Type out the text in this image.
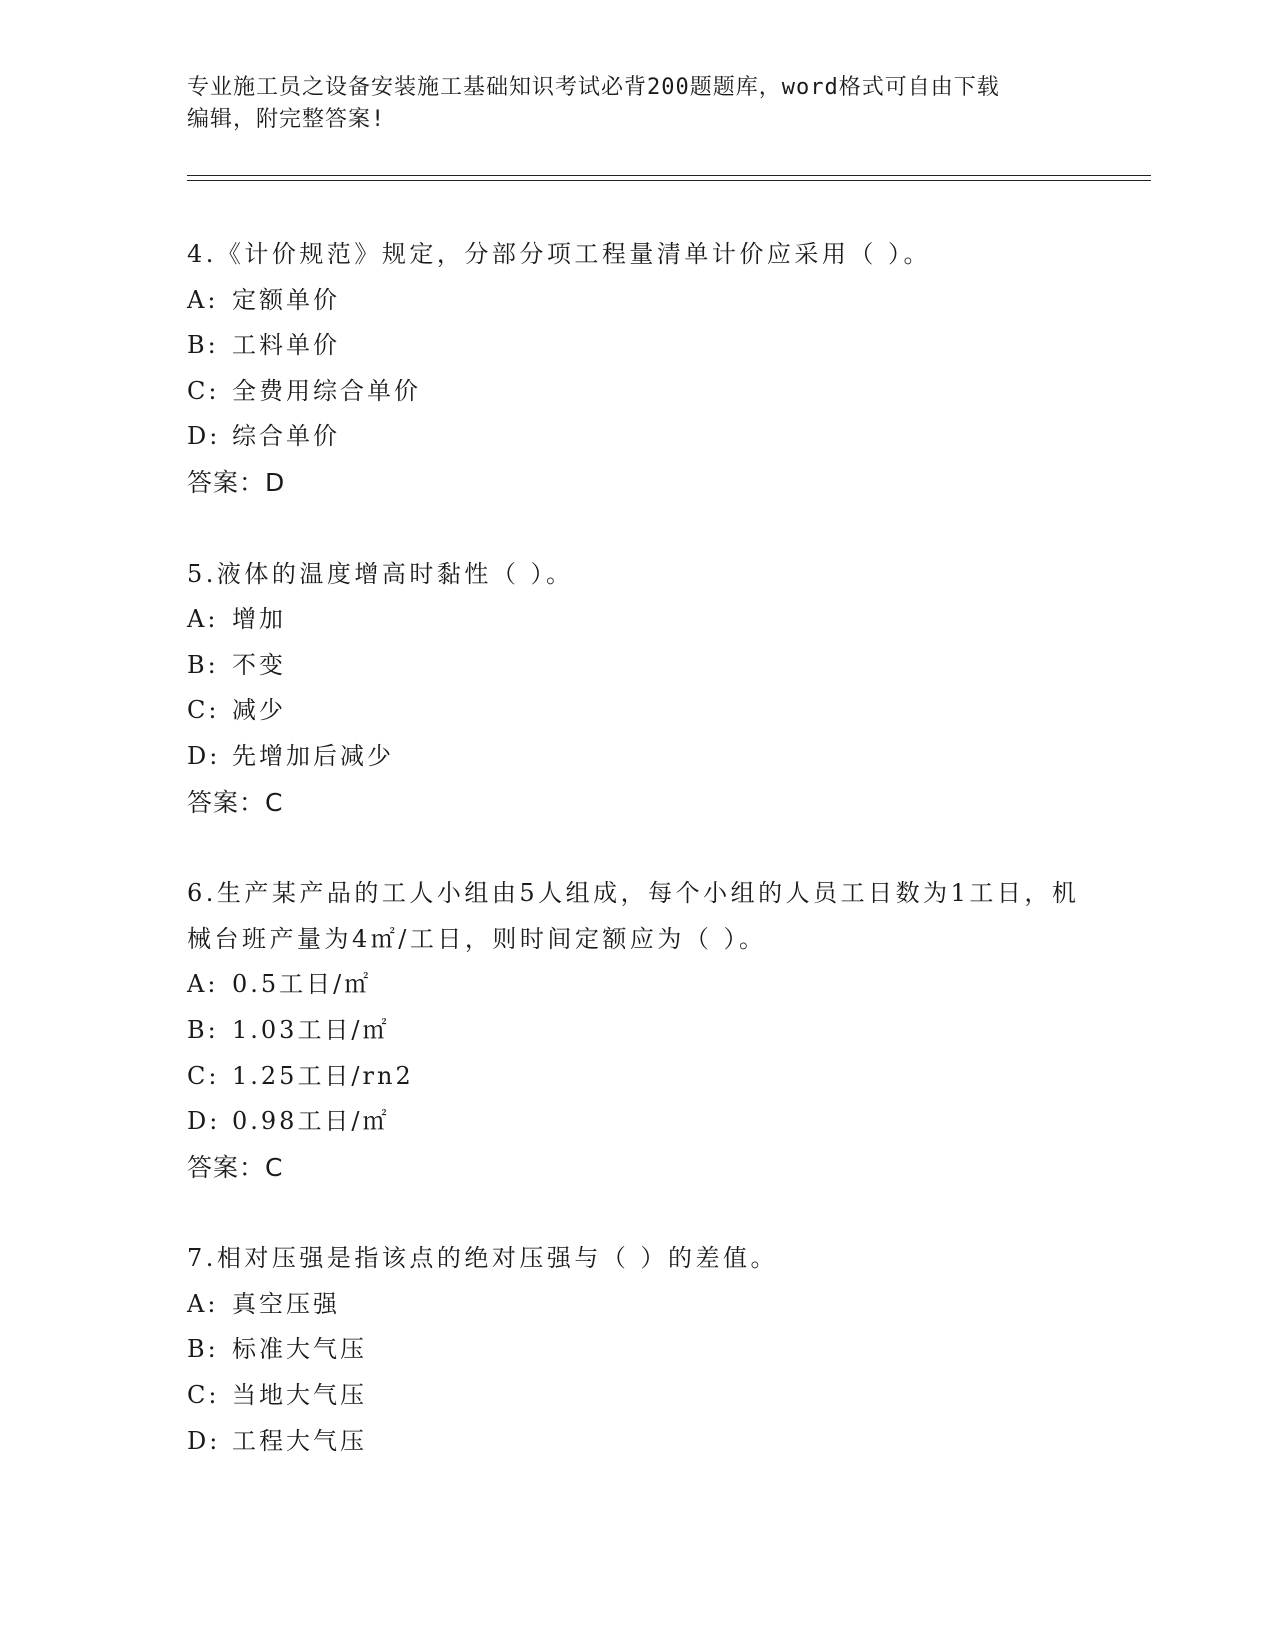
专业施工员之设备安装施工基础知识考试必背200题题库，word格式可自由下载
编辑，附完整答案!
4.《计价规范》规定，分部分项工程量清单计价应采用（ ）。
A: 定额单价
B: 工料单价
C: 全费用综合单价
D: 综合单价
答案：D
5.液体的温度增高时黏性（ ）。
A: 增加
B: 不变
C: 减少
D: 先增加后减少
答案：C
6.生产某产品的工人小组由5人组成，每个小组的人员工日数为1工日，机械台班产量为4㎡/工日，则时间定额应为（ ）。
A: 0.5工日/㎡
B: 1.03工日/㎡
C: 1.25工日/rn2
D: 0.98工日/㎡
答案：C
7.相对压强是指该点的绝对压强与（ ）的差值。
A: 真空压强
B: 标准大气压
C: 当地大气压
D: 工程大气压
